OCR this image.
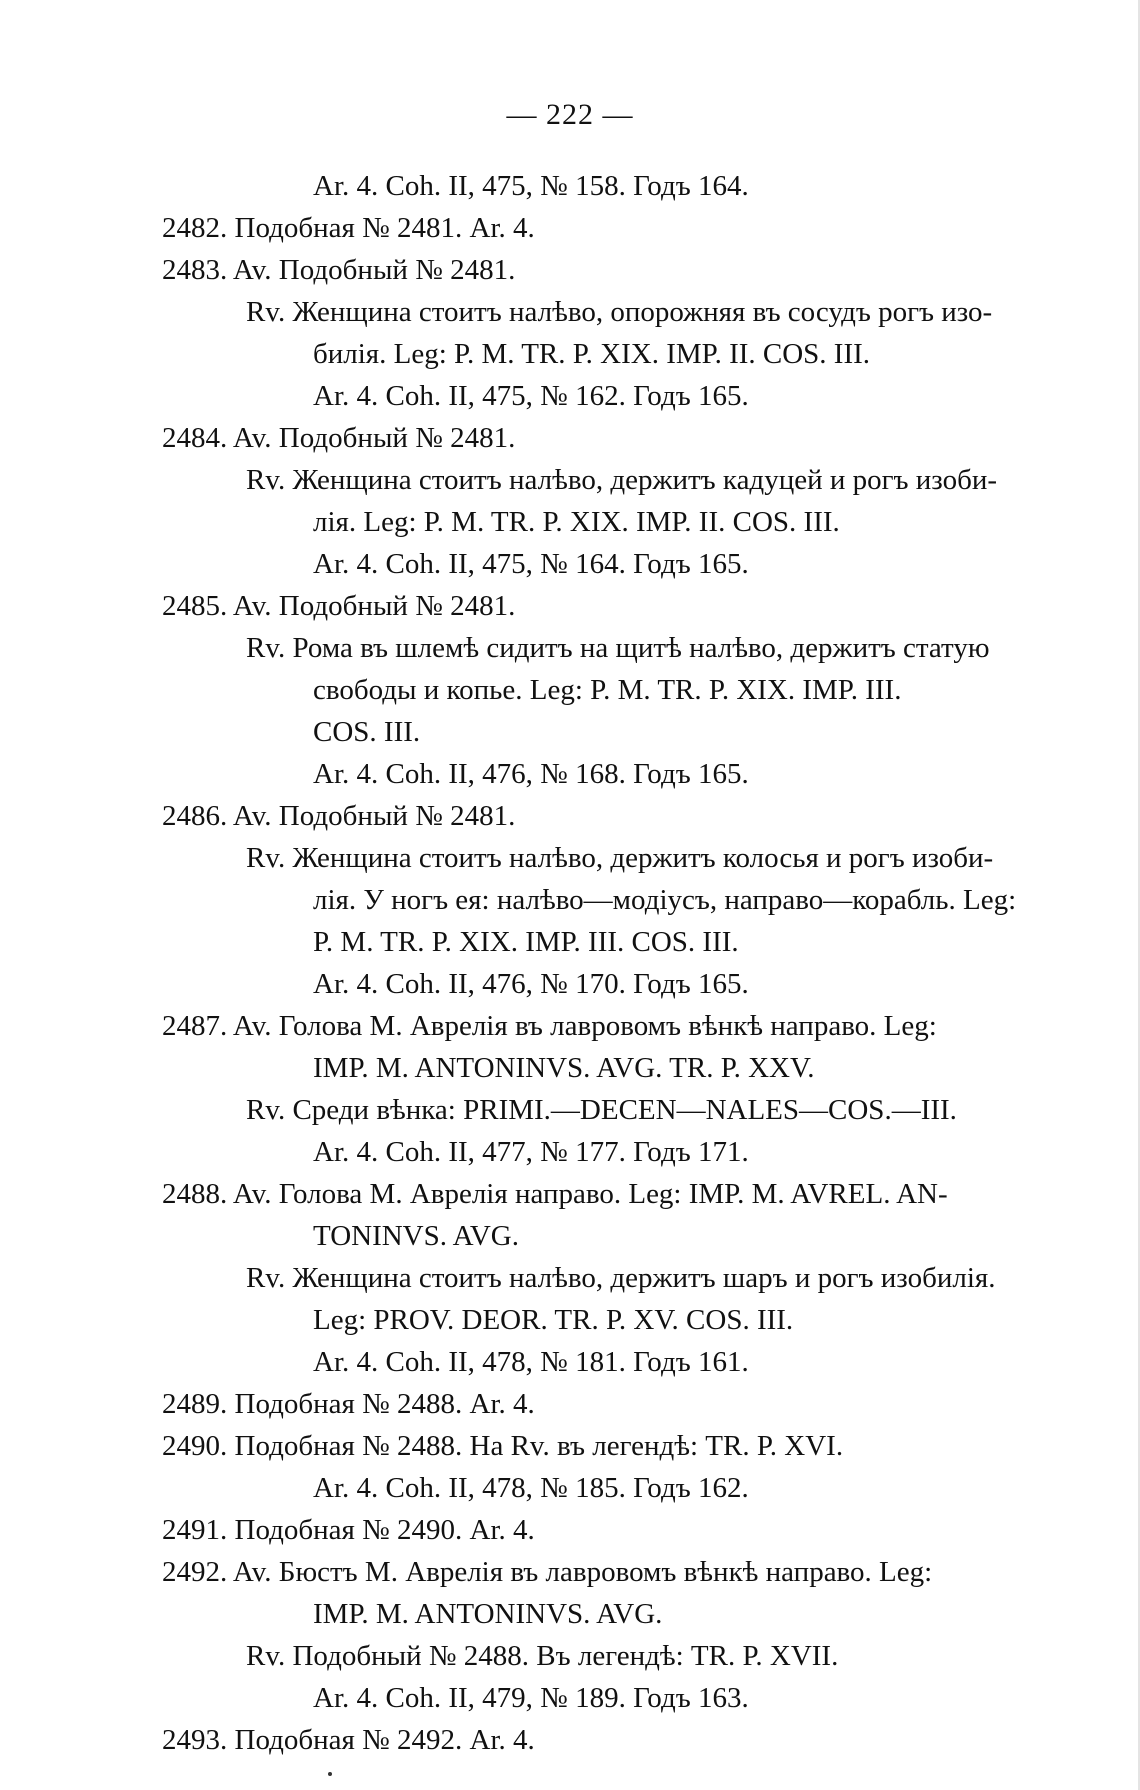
— 222 —
Ar. 4. Coh. II, 475, № 158. Годъ 164.
2482. Подобная № 2481. Ar. 4.
2483. Av. Подобный № 2481.
Rv. Женщина стоитъ налѣво, опорожняя въ сосудъ рогъ изо-
билія. Leg: P. M. TR. P. XIX. IMP. II. COS. III.
Ar. 4. Coh. II, 475, № 162. Годъ 165.
2484. Av. Подобный № 2481.
Rv. Женщина стоитъ налѣво, держитъ кадуцей и рогъ изоби-
лія. Leg: P. M. TR. P. XIX. IMP. II. COS. III.
Ar. 4. Coh. II, 475, № 164. Годъ 165.
2485. Av. Подобный № 2481.
Rv. Рома въ шлемѣ сидитъ на щитѣ налѣво, держитъ статую
свободы и копье. Leg: P. M. TR. P. XIX. IMP. III.
COS. III.
Ar. 4. Coh. II, 476, № 168. Годъ 165.
2486. Av. Подобный № 2481.
Rv. Женщина стоитъ налѣво, держитъ колосья и рогъ изоби-
лія. У ногъ ея: налѣво—модіусъ, направо—корабль. Leg:
P. M. TR. P. XIX. IMP. III. COS. III.
Ar. 4. Coh. II, 476, № 170. Годъ 165.
2487. Av. Голова M. Аврелія въ лавровомъ вѣнкѣ направо. Leg:
IMP. M. ANTONINVS. AVG. TR. P. XXV.
Rv. Среди вѣнка: PRIMI.—DECEN—NALES—COS.—III.
Ar. 4. Coh. II, 477, № 177. Годъ 171.
2488. Av. Голова M. Аврелія направо. Leg: IMP. M. AVREL. AN-
TONINVS. AVG.
Rv. Женщина стоитъ налѣво, держитъ шаръ и рогъ изобилія.
Leg: PROV. DEOR. TR. P. XV. COS. III.
Ar. 4. Coh. II, 478, № 181. Годъ 161.
2489. Подобная № 2488. Ar. 4.
2490. Подобная № 2488. На Rv. въ легендѣ: TR. P. XVI.
Ar. 4. Coh. II, 478, № 185. Годъ 162.
2491. Подобная № 2490. Ar. 4.
2492. Av. Бюстъ M. Аврелія въ лавровомъ вѣнкѣ направо. Leg:
IMP. M. ANTONINVS. AVG.
Rv. Подобный № 2488. Въ легендѣ: TR. P. XVII.
Ar. 4. Coh. II, 479, № 189. Годъ 163.
2493. Подобная № 2492. Ar. 4.
